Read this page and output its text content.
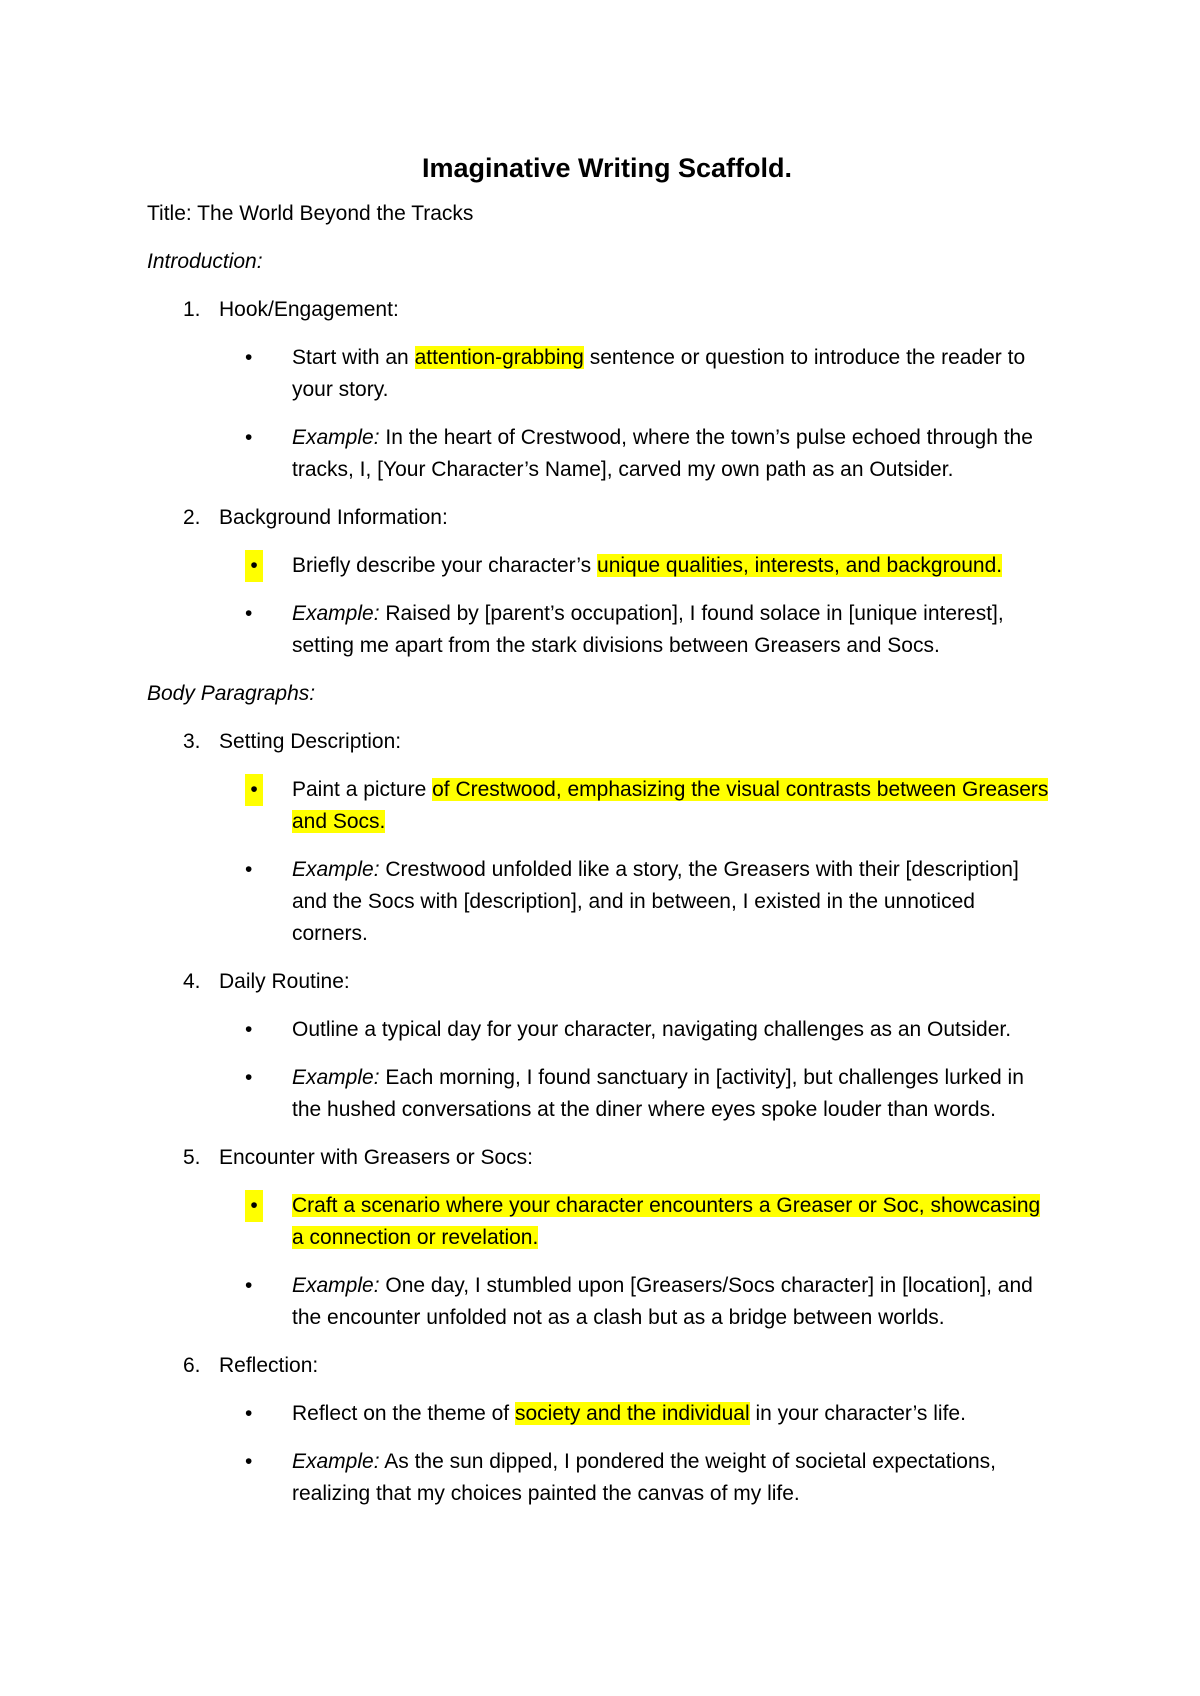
Imaginative Writing Scaffold.
Title: The World Beyond the Tracks
Introduction:
1. Hook/Engagement:
•	Start with an attention-grabbing sentence or question to introduce the reader to your story.
•	Example: In the heart of Crestwood, where the town’s pulse echoed through the tracks, I, [Your Character’s Name], carved my own path as an Outsider.
2. Background Information:
• Briefly describe your character’s unique qualities, interests, and background.
•	Example: Raised by [parent’s occupation], I found solace in [unique interest], setting me apart from the stark divisions between Greasers and Socs.
Body Paragraphs:
3. Setting Description:
• Paint a picture of Crestwood, emphasizing the visual contrasts between Greasers and Socs.
•	Example: Crestwood unfolded like a story, the Greasers with their [description] and the Socs with [description], and in between, I existed in the unnoticed corners.
4. Daily Routine:
•	Outline a typical day for your character, navigating challenges as an Outsider.
•	Example: Each morning, I found sanctuary in [activity], but challenges lurked in the hushed conversations at the diner where eyes spoke louder than words.
5. Encounter with Greasers or Socs:
• Craft a scenario where your character encounters a Greaser or Soc, showcasing a connection or revelation.
•	Example: One day, I stumbled upon [Greasers/Socs character] in [location], and the encounter unfolded not as a clash but as a bridge between worlds.
6. Reflection:
•	Reflect on the theme of society and the individual in your character’s life.
•	Example: As the sun dipped, I pondered the weight of societal expectations, realizing that my choices painted the canvas of my life.
